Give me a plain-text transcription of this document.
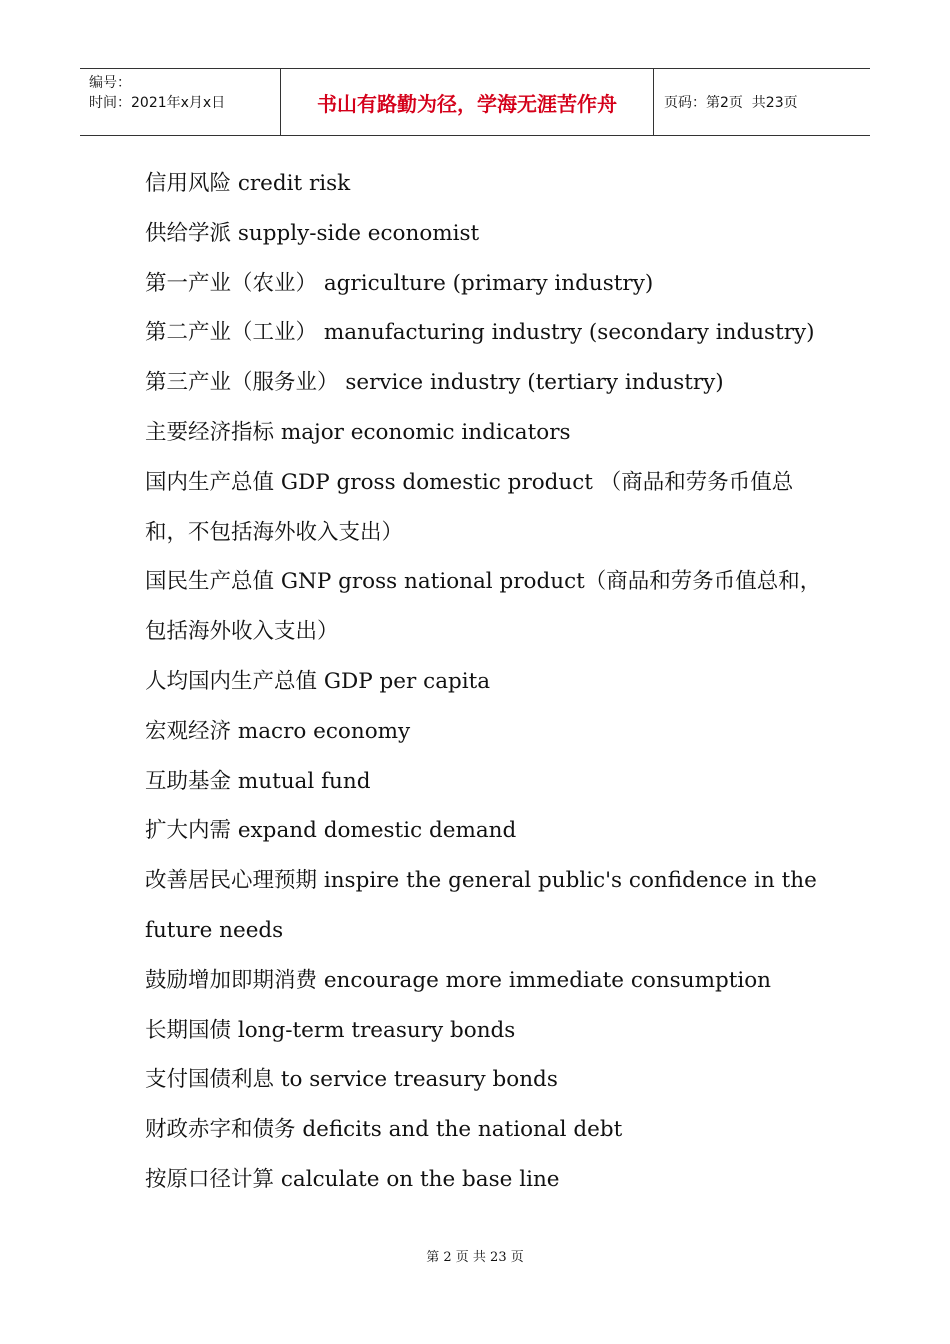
编号：
时间：2021年x月x日	书山有路勤为径，学海无涯苦作舟	页码：第2页  共23页
信用风险 credit risk
供给学派 supply-side economist
第一产业（农业） agriculture (primary industry)
第二产业（工业） manufacturing industry (secondary industry)
第三产业（服务业） service industry (tertiary industry)
主要经济指标 major economic indicators
国内生产总值 GDP gross domestic product （商品和劳务币值总
和，不包括海外收入支出）
国民生产总值 GNP gross national product（商品和劳务币值总和，
包括海外收入支出）
人均国内生产总值 GDP per capita
宏观经济 macro economy
互助基金 mutual fund
扩大内需 expand domestic demand
改善居民心理预期 inspire the general public's confidence in the
future needs
鼓励增加即期消费 encourage more immediate consumption
长期国债 long-term treasury bonds
支付国债利息 to service treasury bonds
财政赤字和债务 deficits and the national debt
按原口径计算 calculate on the base line
第 2 页 共 23 页
